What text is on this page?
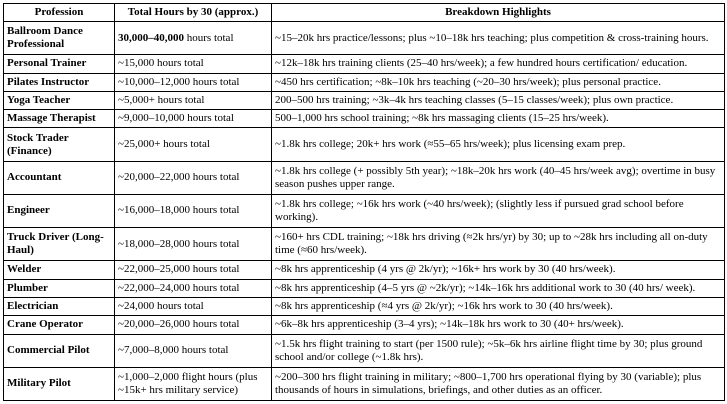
Profession	Total Hours by 30 (approx.)	Breakdown Highlights
Ballroom Dance Professional	30,000–40,000 hours total	~15–20k hrs practice/lessons; plus ~10–18k hrs teaching; plus competition & cross-training hours.
Personal Trainer	~15,000 hours total	~12k–18k hrs training clients (25–40 hrs/week); a few hundred hours certification/ education.
Pilates Instructor	~10,000–12,000 hours total	~450 hrs certification; ~8k–10k hrs teaching (~20–30 hrs/week); plus personal practice.
Yoga Teacher	~5,000+ hours total	200–500 hrs training; ~3k–4k hrs teaching classes (5–15 classes/week); plus own practice.
Massage Therapist	~9,000–10,000 hours total	500–1,000 hrs school training; ~8k hrs massaging clients (15–25 hrs/week).
Stock Trader (Finance)	~25,000+ hours total	~1.8k hrs college; 20k+ hrs work (≈55–65 hrs/week); plus licensing exam prep.
Accountant	~20,000–22,000 hours total	~1.8k hrs college (+ possibly 5th year); ~18k–20k hrs work (40–45 hrs/week avg); overtime in busy season pushes upper range.
Engineer	~16,000–18,000 hours total	~1.8k hrs college; ~16k hrs work (~40 hrs/week); (slightly less if pursued grad school before working).
Truck Driver (Long-Haul)	~18,000–28,000 hours total	~160+ hrs CDL training; ~18k hrs driving (≈2k hrs/yr) by 30; up to ~28k hrs including all on-duty time (≈60 hrs/week).
Welder	~22,000–25,000 hours total	~8k hrs apprenticeship (4 yrs @ 2k/yr); ~16k+ hrs work by 30 (40 hrs/week).
Plumber	~22,000–24,000 hours total	~8k hrs apprenticeship (4–5 yrs @ ~2k/yr); ~14k–16k hrs additional work to 30 (40 hrs/ week).
Electrician	~24,000 hours total	~8k hrs apprenticeship (≈4 yrs @ 2k/yr); ~16k hrs work to 30 (40 hrs/week).
Crane Operator	~20,000–26,000 hours total	~6k–8k hrs apprenticeship (3–4 yrs); ~14k–18k hrs work to 30 (40+ hrs/week).
Commercial Pilot	~7,000–8,000 hours total	~1.5k hrs flight training to start (per 1500 rule); ~5k–6k hrs airline flight time by 30; plus ground school and/or college (~1.8k hrs).
Military Pilot	~1,000–2,000 flight hours (plus ~15k+ hrs military service)	~200–300 hrs flight training in military; ~800–1,700 hrs operational flying by 30 (variable); plus thousands of hours in simulations, briefings, and other duties as an officer.
